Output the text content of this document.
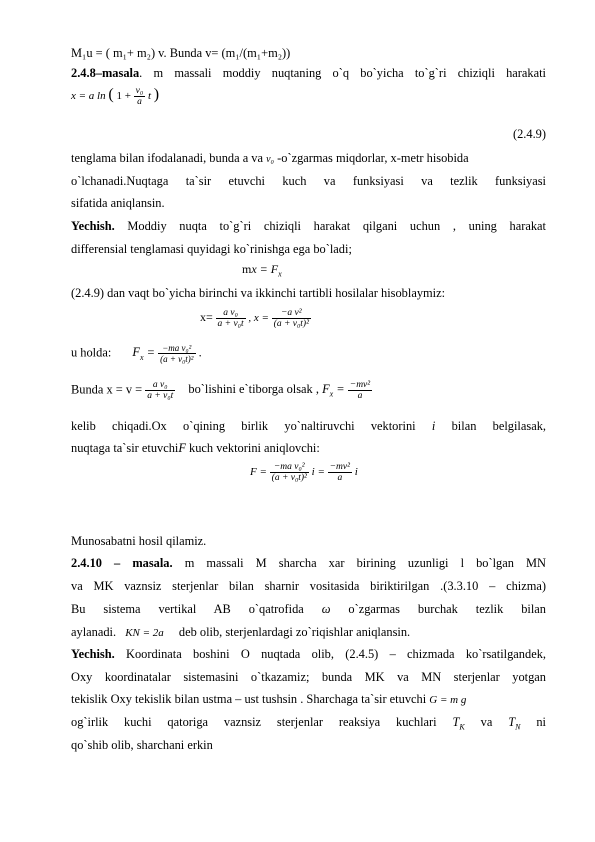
M₁u = ( m₁+ m₂) v. Bunda v= (m₁/(m₁+m₂))
2.4.8–masala. m massali moddiy nuqtaning o`q bo`yicha to`g`ri chiziqli harakati
x = a ln ( $1 + \frac{\text{v₀}}{a}$ t )
(2.4.9)
tenglama bilan ifodalanadi, bunda a va v₀ -o`zgarmas miqdorlar, x-metr hisobida
o`lchanadi.Nuqtaga ta`sir etuvchi kuch va funksiyasi va tezlik funksiyasi
sifatida aniqlansin.
Yechish. Moddiy nuqta to`g`ri chiziqli harakat qilgani uchun , uning harakat
differensial tenglamasi quyidagi ko`rinishga ega bo`ladi;
mx = $F_x$
(2.4.9) dan vaqt bo`yicha birinchi va ikkinchi tartibli hosilalar hisoblaymiz:
$x= \frac{\text{a v₀}}{\text{a + v₀t}}$ , $x = \frac{\text{−a v²}}{\text{(a + v₀t)²}}$
u holda: $F_x = \frac{\text{−ma v₀²}}{\text{(a + v₀t)²}}$ .
Bunda $x = v = \frac{\text{a v₀}}{\text{a + v₀t}}$ bo`lishini e`tiborga olsak , $F_x = \frac{\text{−mv²}}{a}$
kelib chiqadi.Ox o`qining birlik yo`naltiruvchi vektorini i bilan belgilasak,
nuqtaga ta`sir etuvchiF kuch vektorini aniqlovchi:
$F = \frac{\text{−ma v₀²}}{\text{(a + v₀t)²}}$ $i = \frac{\text{−mv²}}{a}$ i
Munosabatni hosil qilamiz.
2.4.10 – masala. m massali M sharcha xar birining uzunligi l bo`lgan MN
va MK vaznsiz sterjenlar bilan sharnir vositasida biriktirilgan .(3.3.10 – chizma)
Bu sistema vertikal AB o`qatrofida ω o`zgarmas burchak tezlik bilan
aylanadi. KN = 2a deb olib, sterjenlardagi zo`riqishlar aniqlansin.
Yechish. Koordinata boshini O nuqtada olib, (2.4.5) – chizmada ko`rsatilgandek,
Oxy koordinatalar sistemasini o`tkazamiz; bunda MK va MN sterjenlar yotgan
tekislik Oxy tekislik bilan ustma – ust tushsin . Sharchaga ta`sir etuvchi G = m g
og`irlik kuchi qatoriga vaznsiz sterjenlar reaksiya kuchlari $T_K$ va $T_N$ ni
qo`shib olib, sharchani erkin
